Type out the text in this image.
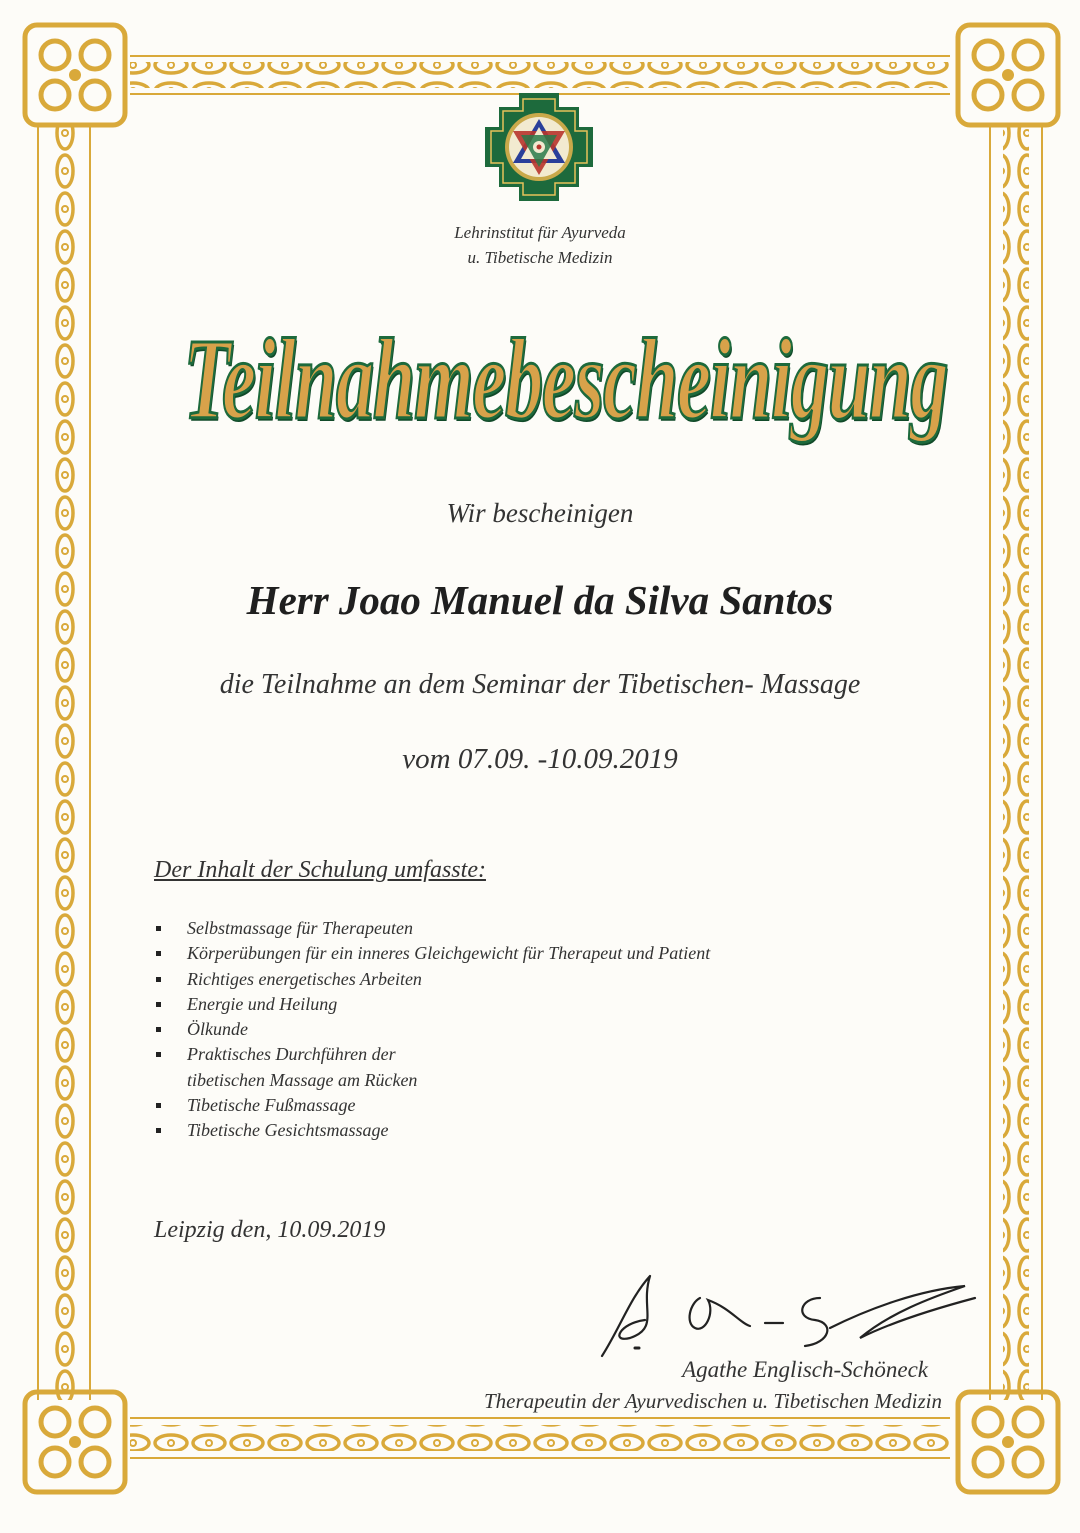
Lehrinstitut für Ayurveda
u. Tibetische Medizin
Teilnahmebescheinigung
Wir bescheinigen
Herr Joao Manuel da Silva Santos
die Teilnahme an dem Seminar der Tibetischen- Massage
vom 07.09. -10.09.2019
Der Inhalt der Schulung umfasste:
Selbstmassage für Therapeuten
Körperübungen für ein inneres Gleichgewicht für Therapeut und Patient
Richtiges energetisches Arbeiten
Energie und Heilung
Ölkunde
Praktisches Durchführen der
tibetischen Massage am Rücken
Tibetische Fußmassage
Tibetische Gesichtsmassage
Leipzig den, 10.09.2019
Agathe Englisch-Schöneck
Therapeutin der Ayurvedischen u. Tibetischen Medizin
